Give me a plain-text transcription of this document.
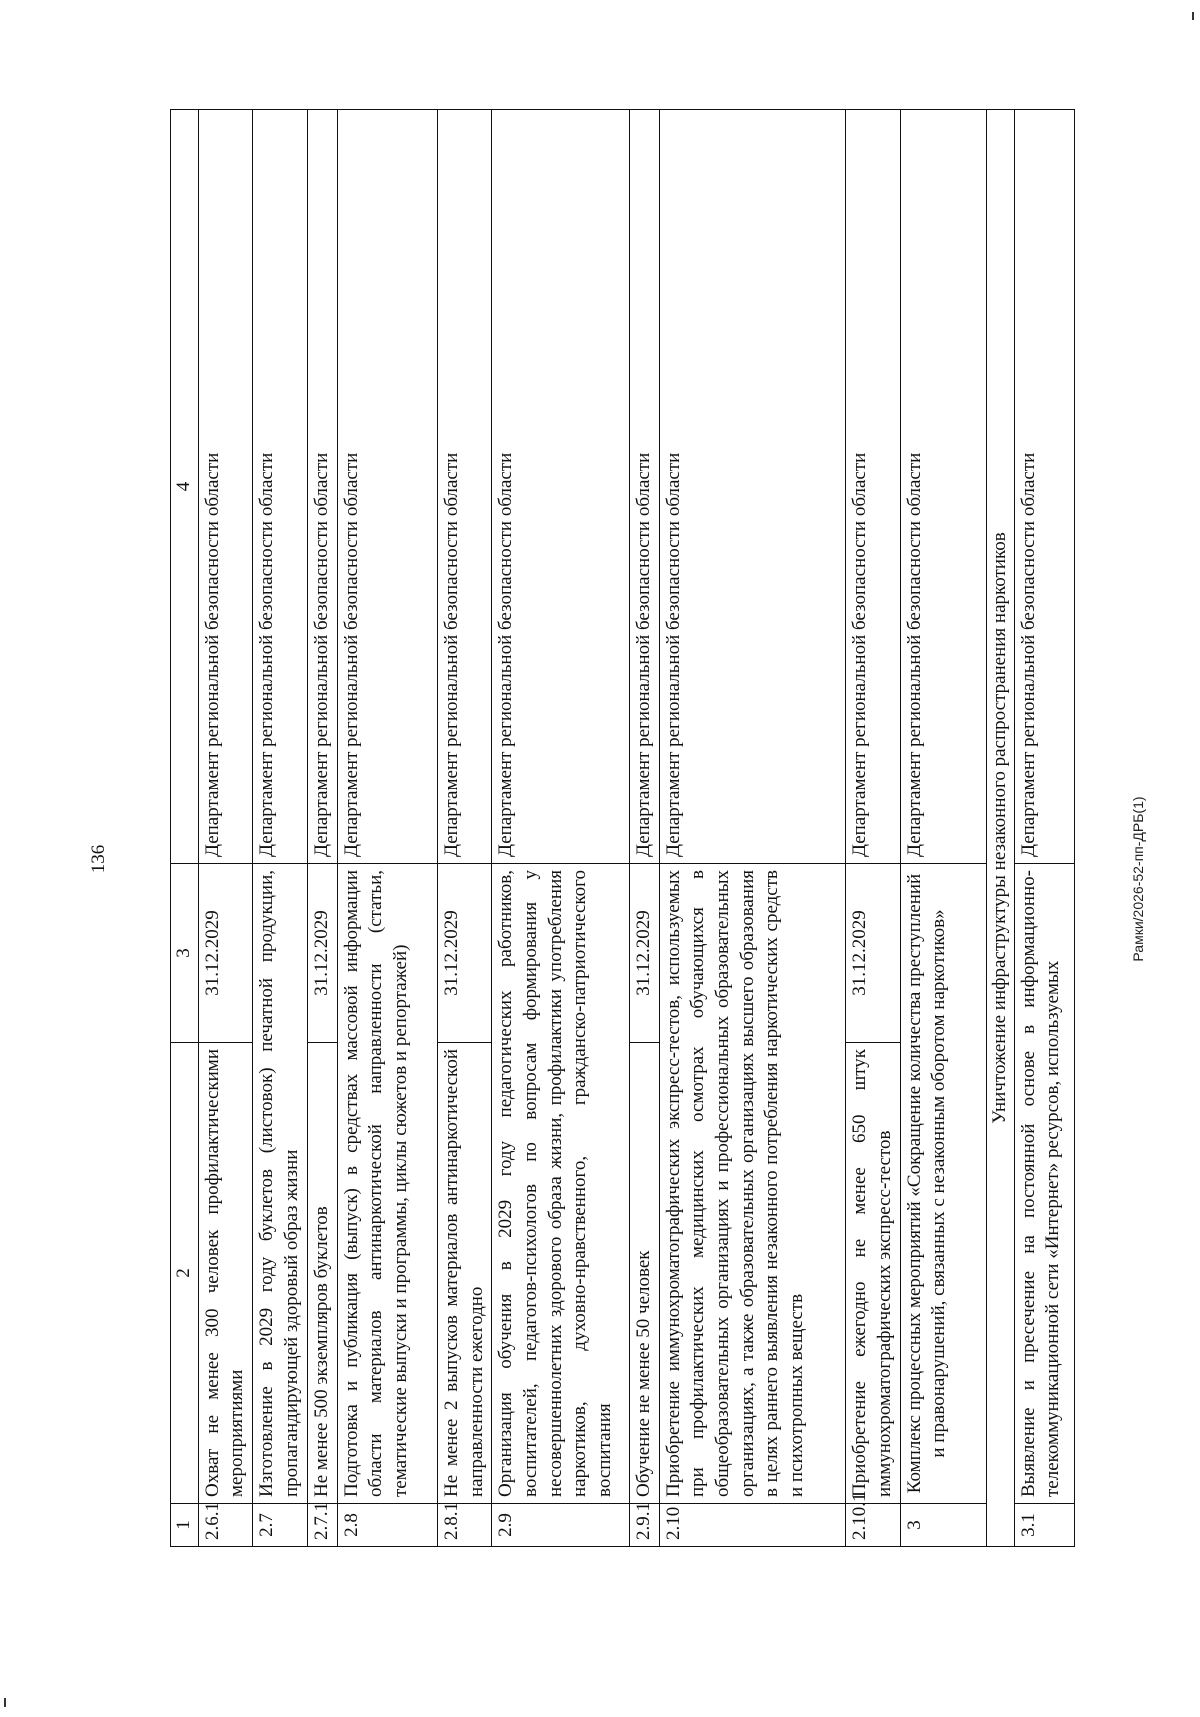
136	Рамки/2026-52-пп-ДРБ(1)
1	2	3	4
2.6.1	Охват не менее 300 человек профилактическими мероприятиями	31.12.2029	Департамент региональной безопасности области
2.7	Изготовление в 2029 году буклетов (листовок) печатной продукции, пропагандирующей здоровый образ жизни		Департамент региональной безопасности области
2.7.1	Не менее 500 экземпляров буклетов	31.12.2029	Департамент региональной безопасности области
2.8	Подготовка и публикация (выпуск) в средствах массовой информации области материалов антинаркотической направленности (статьи, тематические выпуски и программы, циклы сюжетов и репортажей)		Департамент региональной безопасности области
2.8.1	Не менее 2 выпусков материалов антинаркотической направленности ежегодно	31.12.2029	Департамент региональной безопасности области
2.9	Организация обучения в 2029 году педагогических работников, воспитателей, педагогов-психологов по вопросам формирования у несовершеннолетних здорового образа жизни, профилактики употребления наркотиков, духовно-нравственного, гражданско-патриотического воспитания		Департамент региональной безопасности области
2.9.1	Обучение не менее 50 человек	31.12.2029	Департамент региональной безопасности области
2.10	Приобретение иммунохроматографических экспресс-тестов, используемых при профилактических медицинских осмотрах обучающихся в общеобразовательных организациях и профессиональных образовательных организациях, а также образовательных организациях высшего образования в целях раннего выявления незаконного потребления наркотических средств и психотропных веществ		Департамент региональной безопасности области
2.10.1	Приобретение ежегодно не менее 650 штук иммунохроматографических экспресс-тестов	31.12.2029	Департамент региональной безопасности области
3	Комплекс процессных мероприятий «Сокращение количества преступлений и правонарушений, связанных с незаконным оборотом наркотиков»		Департамент региональной безопасности области
Уничтожение инфраструктуры незаконного распространения наркотиков			
3.1	Выявление и пресечение на постоянной основе в информационно-телекоммуникационной сети «Интернет» ресурсов, используемых		Департамент региональной безопасности области
